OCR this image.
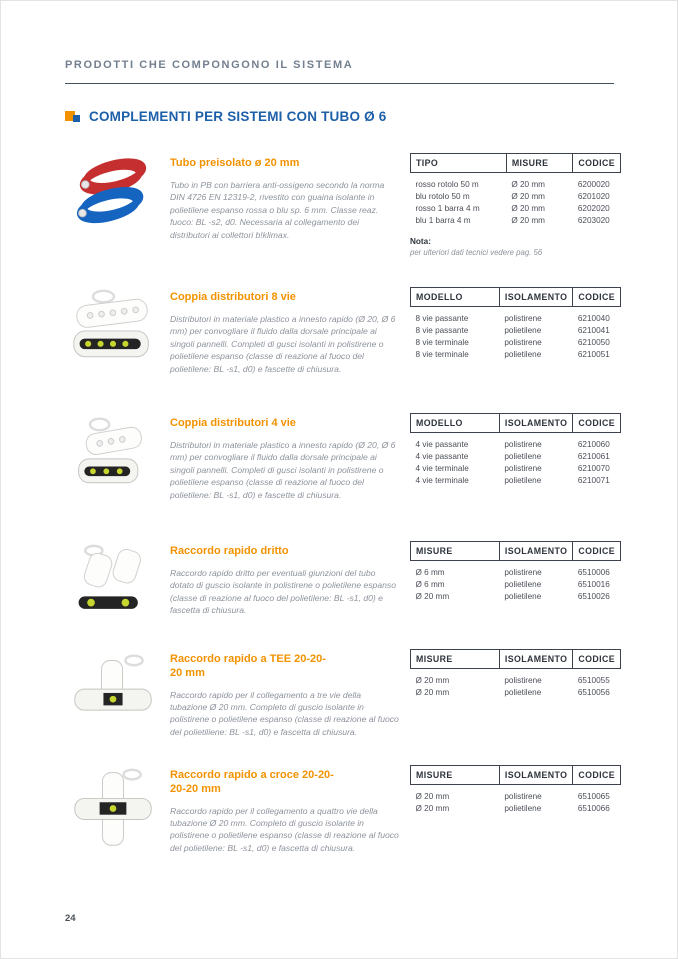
PRODOTTI CHE COMPONGONO IL SISTEMA
COMPLEMENTI PER SISTEMI CON TUBO Ø 6
Tubo preisolato ø 20 mm
Tubo in PB con barriera anti-ossigeno secondo la norma DIN 4726 EN 12319-2, rivestito con guaina isolante in polietilene espanso rossa o blu sp. 6 mm. Classe reaz. fuoco: BL -s2, d0. Necessaria al collegamento dei distributori ai collettori b!klimax.
TIPO	MISURE	CODICE
rosso rotolo 50 m	Ø 20 mm	6200020
blu rotolo 50 m	Ø 20 mm	6201020
rosso 1 barra 4 m	Ø 20 mm	6202020
blu 1 barra 4 m	Ø 20 mm	6203020
Nota:
per ulteriori dati tecnici vedere pag. 56
Coppia distributori 8 vie
Distributori in materiale plastico a innesto rapido (Ø 20, Ø 6 mm) per convogliare il fluido dalla dorsale principale ai singoli pannelli. Completi di gusci isolanti in polistirene o polietilene espanso (classe di reazione al fuoco del polietilene: BL -s1, d0) e fascette di chiusura.
MODELLO	ISOLAMENTO	CODICE
8 vie passante	polistirene	6210040
8 vie passante	polietilene	6210041
8 vie terminale	polistirene	6210050
8 vie terminale	polietilene	6210051
Coppia distributori 4 vie
Distributori in materiale plastico a innesto rapido (Ø 20, Ø 6 mm) per convogliare il fluido dalla dorsale principale ai singoli pannelli. Completi di gusci isolanti in polistirene o polietilene espanso (classe di reazione al fuoco del polietilene: BL -s1, d0) e fascette di chiusura.
MODELLO	ISOLAMENTO	CODICE
4 vie passante	polistirene	6210060
4 vie passante	polietilene	6210061
4 vie terminale	polistirene	6210070
4 vie terminale	polietilene	6210071
Raccordo rapido dritto
Raccordo rapido dritto per eventuali giunzioni del tubo dotato di guscio isolante in polistirene o polietilene espanso (classe di reazione al fuoco del polietilene: BL -s1, d0) e fascetta di chiusura.
MISURE	ISOLAMENTO	CODICE
Ø 6 mm	polistirene	6510006
Ø 6 mm	polietilene	6510016
Ø 20 mm	polietilene	6510026
Raccordo rapido a TEE 20-20-20 mm
Raccordo rapido per il collegamento a tre vie della tubazione Ø 20 mm. Completo di guscio isolante in polistirene o polietilene espanso (classe di reazione al fuoco del polietiliene: BL -s1, d0) e fascetta di chiusura.
MISURE	ISOLAMENTO	CODICE
Ø 20 mm	polistirene	6510055
Ø 20 mm	polietilene	6510056
Raccordo rapido a croce 20-20-20-20 mm
Raccordo rapido per il collegamento a quattro vie della tubazione Ø 20 mm. Completo di guscio isolante in polistirene o polietilene espanso (classe di reazione al fuoco del polietilene: BL -s1, d0) e fascetta di chiusura.
MISURE	ISOLAMENTO	CODICE
Ø 20 mm	polistirene	6510065
Ø 20 mm	polietilene	6510066
24
